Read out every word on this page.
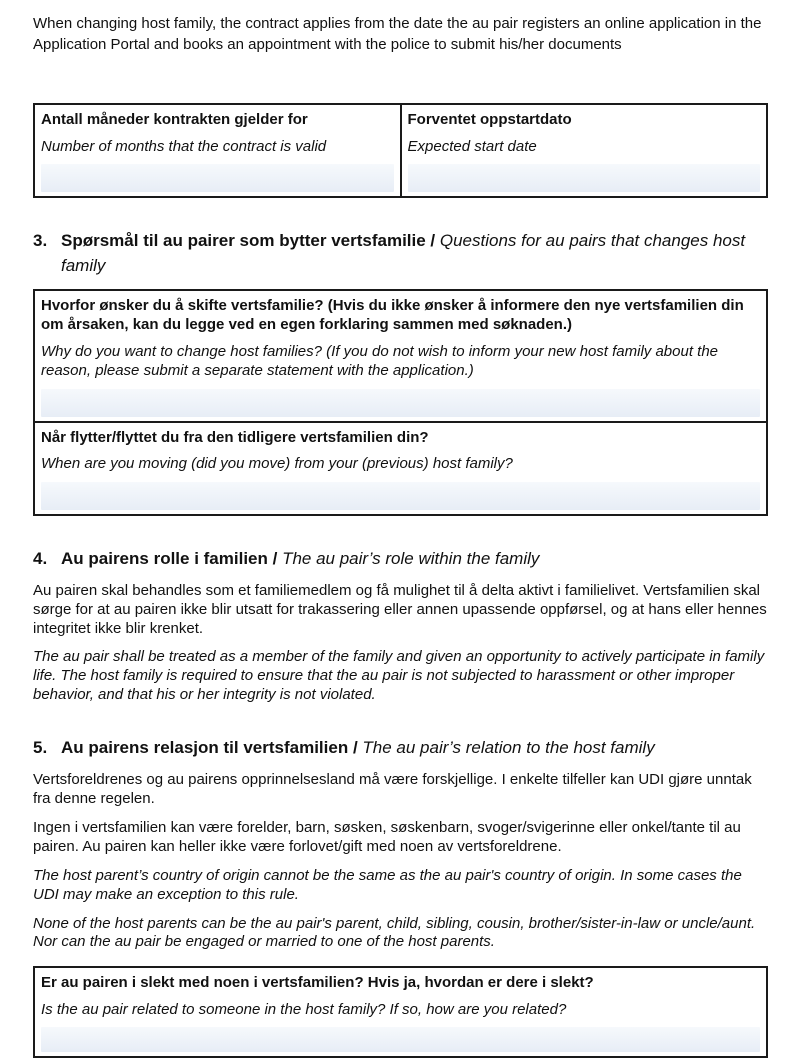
When changing host family, the contract applies from the date the au pair registers an online application in the Application Portal and books an appointment with the police to submit his/her documents

Antall måneder kontrakten gjelder for
Number of months that the contract is valid

Forventet oppstartdato
Expected start date
3. Spørsmål til au pairer som bytter vertsfamilie / Questions for au pairs that changes host family
Hvorfor ønsker du å skifte vertsfamilie? (Hvis du ikke ønsker å informere den nye vertsfamilien din om årsaken, kan du legge ved en egen forklaring sammen med søknaden.)
Why do you want to change host families? (If you do not wish to inform your new host family about the reason, please submit a separate statement with the application.)

Når flytter/flyttet du fra den tidligere vertsfamilien din?
When are you moving (did you move) from your (previous) host family?
4. Au pairens rolle i familien / The au pair’s role within the family

Au pairen skal behandles som et familiemedlem og få mulighet til å delta aktivt i familielivet. Vertsfamilien skal sørge for at au pairen ikke blir utsatt for trakassering eller annen upassende oppførsel, og at hans eller hennes integritet ikke blir krenket.

The au pair shall be treated as a member of the family and given an opportunity to actively participate in family life. The host family is required to ensure that the au pair is not subjected to harassment or other improper behavior, and that his or her integrity is not violated.

5. Au pairens relasjon til vertsfamilien / The au pair’s relation to the host family

Vertsforeldrenes og au pairens opprinnelsesland må være forskjellige. I enkelte tilfeller kan UDI gjøre unntak fra denne regelen.

Ingen i vertsfamilien kan være forelder, barn, søsken, søskenbarn, svoger/svigerinne eller onkel/tante til au pairen. Au pairen kan heller ikke være forlovet/gift med noen av vertsforeldrene.

The host parent’s country of origin cannot be the same as the au pair's country of origin. In some cases the UDI may make an exception to this rule.

None of the host parents can be the au pair's parent, child, sibling, cousin, brother/sister-in-law or uncle/aunt. Nor can the au pair be engaged or married to one of the host parents.

Er au pairen i slekt med noen i vertsfamilien? Hvis ja, hvordan er dere i slekt?
Is the au pair related to someone in the host family? If so, how are you related?
